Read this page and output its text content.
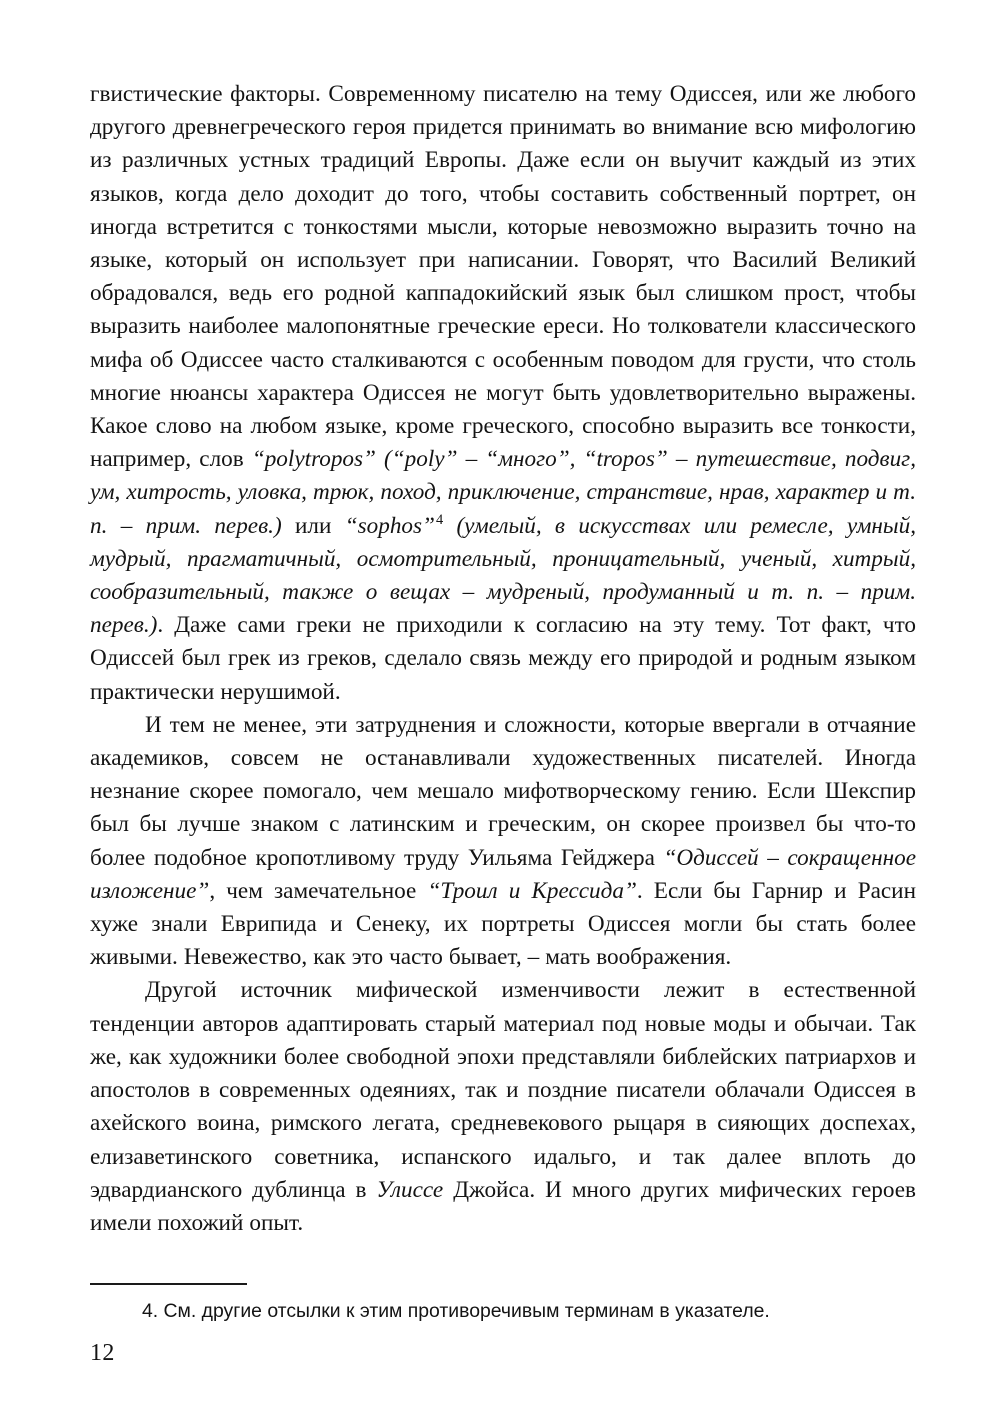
гвистические факторы. Современному писателю на тему Одиссея, или же любого другого древнегреческого героя придется принимать во внимание всю мифологию из различных устных традиций Европы. Даже если он выучит каждый из этих языков, когда дело доходит до того, чтобы составить собственный портрет, он иногда встретится с тонкостями мысли, которые невозможно выразить точно на языке, который он использует при написании. Говорят, что Василий Великий обрадовался, ведь его родной каппадокийский язык был слишком прост, чтобы выразить наиболее малопонятные греческие ереси. Но толкователи классического мифа об Одиссее часто сталкиваются с особенным поводом для грусти, что столь многие нюансы характера Одиссея не могут быть удовлетворительно выражены. Какое слово на любом языке, кроме греческого, способно выразить все тонкости, например, слов “polytropos” (“poly” – “много”, “tropos” – путешествие, подвиг, ум, хитрость, уловка, трюк, поход, приключение, странствие, нрав, характер и т. п. – прим. перев.) или “sophos”$^4$ (умелый, в искусствах или ремесле, умный, мудрый, прагматичный, осмотрительный, проницательный, ученый, хитрый, сообразительный, также о вещах – мудреный, продуманный и т. п. – прим. перев.). Даже сами греки не приходили к согласию на эту тему. Тот факт, что Одиссей был грек из греков, сделало связь между его природой и родным языком практически нерушимой.

И тем не менее, эти затруднения и сложности, которые ввергали в отчаяние академиков, совсем не останавливали художественных писателей. Иногда незнание скорее помогало, чем мешало мифотворческому гению. Если Шекспир был бы лучше знаком с латинским и греческим, он скорее произвел бы что-то более подобное кропотливому труду Уильяма Гейджера “Одиссей – сокращенное изложение”, чем замечательное “Троил и Крессида”. Если бы Гарнир и Расин хуже знали Еврипида и Сенеку, их портреты Одиссея могли бы стать более живыми. Невежество, как это часто бывает, – мать воображения.

Другой источник мифической изменчивости лежит в естественной тенденции авторов адаптировать старый материал под новые моды и обычаи. Так же, как художники более свободной эпохи представляли библейских патриархов и апостолов в современных одеяниях, так и поздние писатели облачали Одиссея в ахейского воина, римского легата, средневекового рыцаря в сияющих доспехах, елизаветинского советника, испанского идальго, и так далее вплоть до эдвардианского дублинца в Улиссе Джойса. И много других мифических героев имели похожий опыт.

4. См. другие отсылки к этим противоречивым терминам в указателе.

12
